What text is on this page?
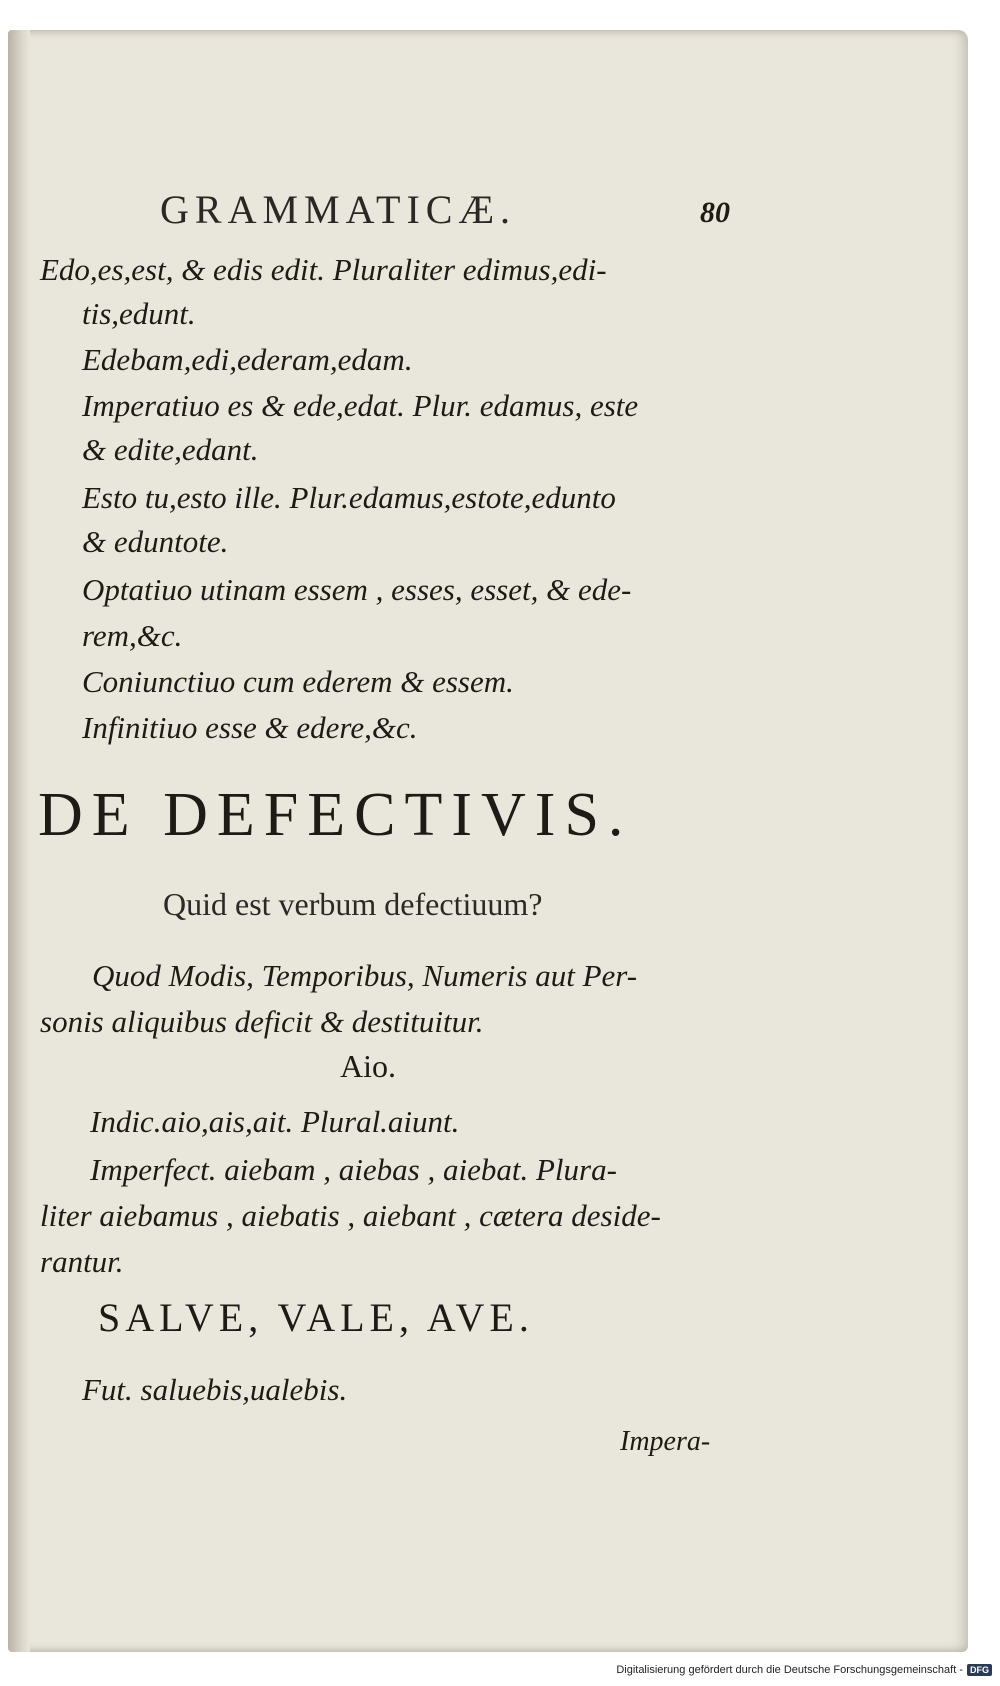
GRAMMATICÆ.	80
Edo,es,est, & edis edit. Pluraliter edimus,edi-
tis,edunt.
Edebam,edi,ederam,edam.
Imperatiuo es & ede,edat. Plur. edamus, este
& edite,edant.
Esto tu,esto ille. Plur.edamus,estote,edunto
& eduntote.
Optatiuo utinam essem , esses, esset, & ede-
rem,&c.
Coniunctiuo cum ederem & essem.
Infinitiuo esse & edere,&c.
DE DEFECTIVIS.
Quid est verbum defectiuum?
Quod Modis, Temporibus, Numeris aut Per-
sonis aliquibus deficit & destituitur.
Aio.
Indic.aio,ais,ait. Plural.aiunt.
Imperfect. aiebam , aiebas , aiebat. Plura-
liter aiebamus , aiebatis , aiebant , cætera deside-
rantur.
SALVE, VALE, AVE.
Fut. saluebis,ualebis.
Impera-
Digitalisierung gefördert durch die Deutsche Forschungsgemeinschaft - DFG
